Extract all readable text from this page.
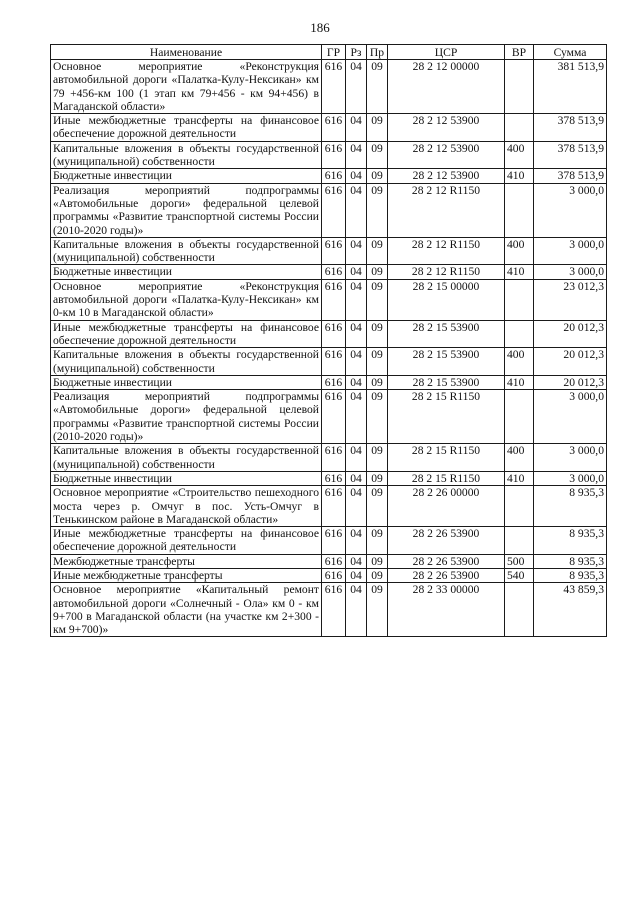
186
Наименование	ГР	Рз	Пр	ЦСР	ВР	Сумма
Основное мероприятие «Реконструкция автомобильной дороги «Палатка-Кулу-Нексикан» км 79 +456-км 100 (1 этап км 79+456 - км 94+456) в Магаданской области»	616	04	09	28 2 12 00000		381 513,9
Иные межбюджетные трансферты на финансовое обеспечение дорожной деятельности	616	04	09	28 2 12 53900		378 513,9
Капитальные вложения в объекты государственной (муниципальной) собственности	616	04	09	28 2 12 53900	400	378 513,9
Бюджетные инвестиции	616	04	09	28 2 12 53900	410	378 513,9
Реализация мероприятий подпрограммы «Автомобильные дороги» федеральной целевой программы «Развитие транспортной системы России (2010-2020 годы)»	616	04	09	28 2 12 R1150		3 000,0
Капитальные вложения в объекты государственной (муниципальной) собственности	616	04	09	28 2 12 R1150	400	3 000,0
Бюджетные инвестиции	616	04	09	28 2 12 R1150	410	3 000,0
Основное мероприятие «Реконструкция автомобильной дороги «Палатка-Кулу-Нексикан» км 0-км 10 в Магаданской области»	616	04	09	28 2 15 00000		23 012,3
Иные межбюджетные трансферты на финансовое обеспечение дорожной деятельности	616	04	09	28 2 15 53900		20 012,3
Капитальные вложения в объекты государственной (муниципальной) собственности	616	04	09	28 2 15 53900	400	20 012,3
Бюджетные инвестиции	616	04	09	28 2 15 53900	410	20 012,3
Реализация мероприятий подпрограммы «Автомобильные дороги» федеральной целевой программы «Развитие транспортной системы России (2010-2020 годы)»	616	04	09	28 2 15 R1150		3 000,0
Капитальные вложения в объекты государственной (муниципальной) собственности	616	04	09	28 2 15 R1150	400	3 000,0
Бюджетные инвестиции	616	04	09	28 2 15 R1150	410	3 000,0
Основное мероприятие «Строительство пешеходного моста через р. Омчуг в пос. Усть-Омчуг в Тенькинском районе в Магаданской области»	616	04	09	28 2 26 00000		8 935,3
Иные межбюджетные трансферты на финансовое обеспечение дорожной деятельности	616	04	09	28 2 26 53900		8 935,3
Межбюджетные трансферты	616	04	09	28 2 26 53900	500	8 935,3
Иные межбюджетные трансферты	616	04	09	28 2 26 53900	540	8 935,3
Основное мероприятие «Капитальный ремонт автомобильной дороги «Солнечный - Ола» км 0 - км 9+700 в Магаданской области (на участке км 2+300 - км 9+700)»	616	04	09	28 2 33 00000		43 859,3
